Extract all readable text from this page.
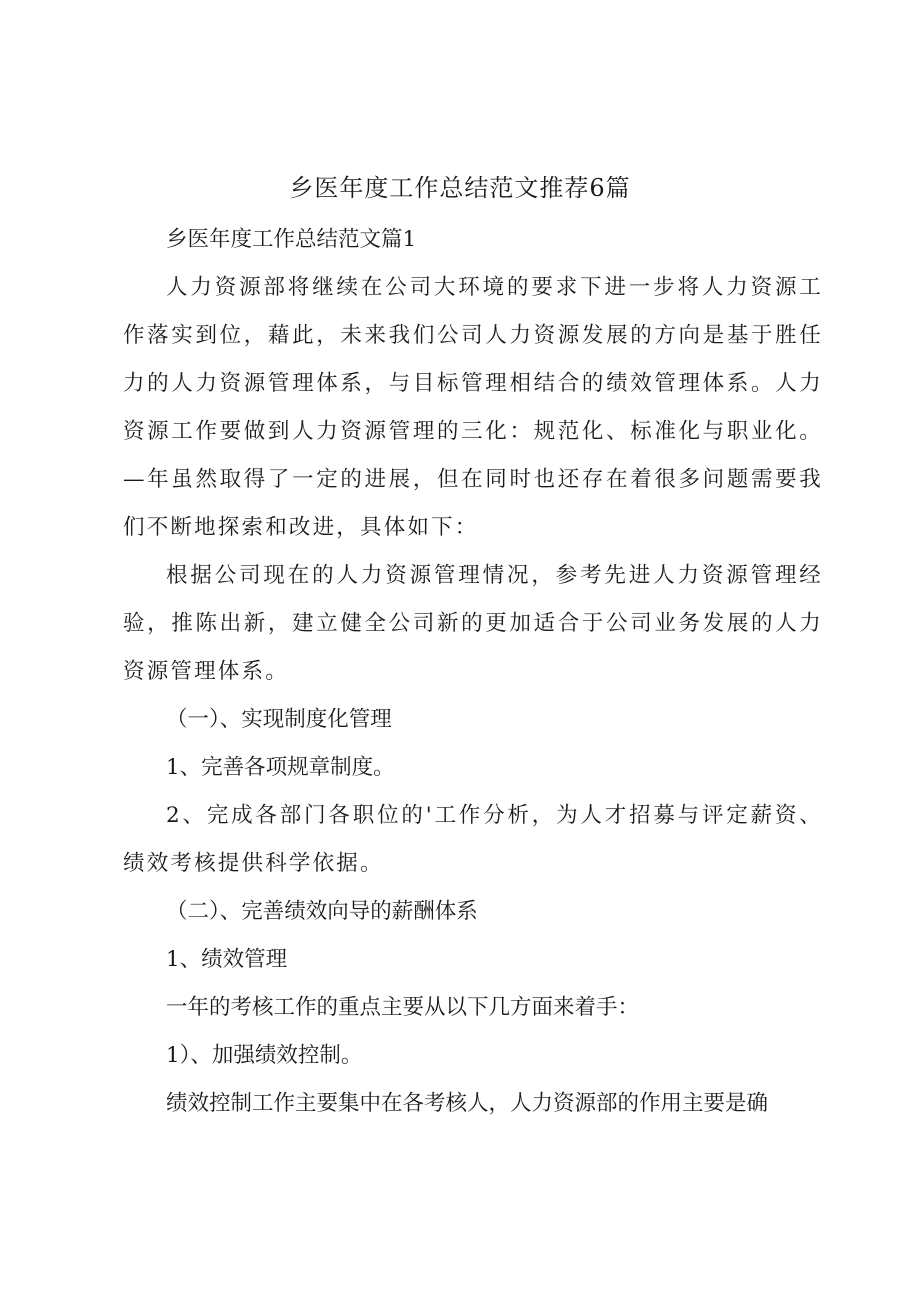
乡医年度工作总结范文推荐6篇

乡医年度工作总结范文篇1

人力资源部将继续在公司大环境的要求下进一步将人力资源工作落实到位，藉此，未来我们公司人力资源发展的方向是基于胜任力的人力资源管理体系，与目标管理相结合的绩效管理体系。人力资源工作要做到人力资源管理的三化：规范化、标准化与职业化。—年虽然取得了一定的进展，但在同时也还存在着很多问题需要我们不断地探索和改进，具体如下：

根据公司现在的人力资源管理情况，参考先进人力资源管理经验，推陈出新，建立健全公司新的更加适合于公司业务发展的人力资源管理体系。

（一）、实现制度化管理

1、完善各项规章制度。

2、完成各部门各职位的'工作分析，为人才招募与评定薪资、绩效考核提供科学依据。

（二）、完善绩效向导的薪酬体系

1、绩效管理

一年的考核工作的重点主要从以下几方面来着手：

1）、加强绩效控制。

绩效控制工作主要集中在各考核人，人力资源部的作用主要是确
